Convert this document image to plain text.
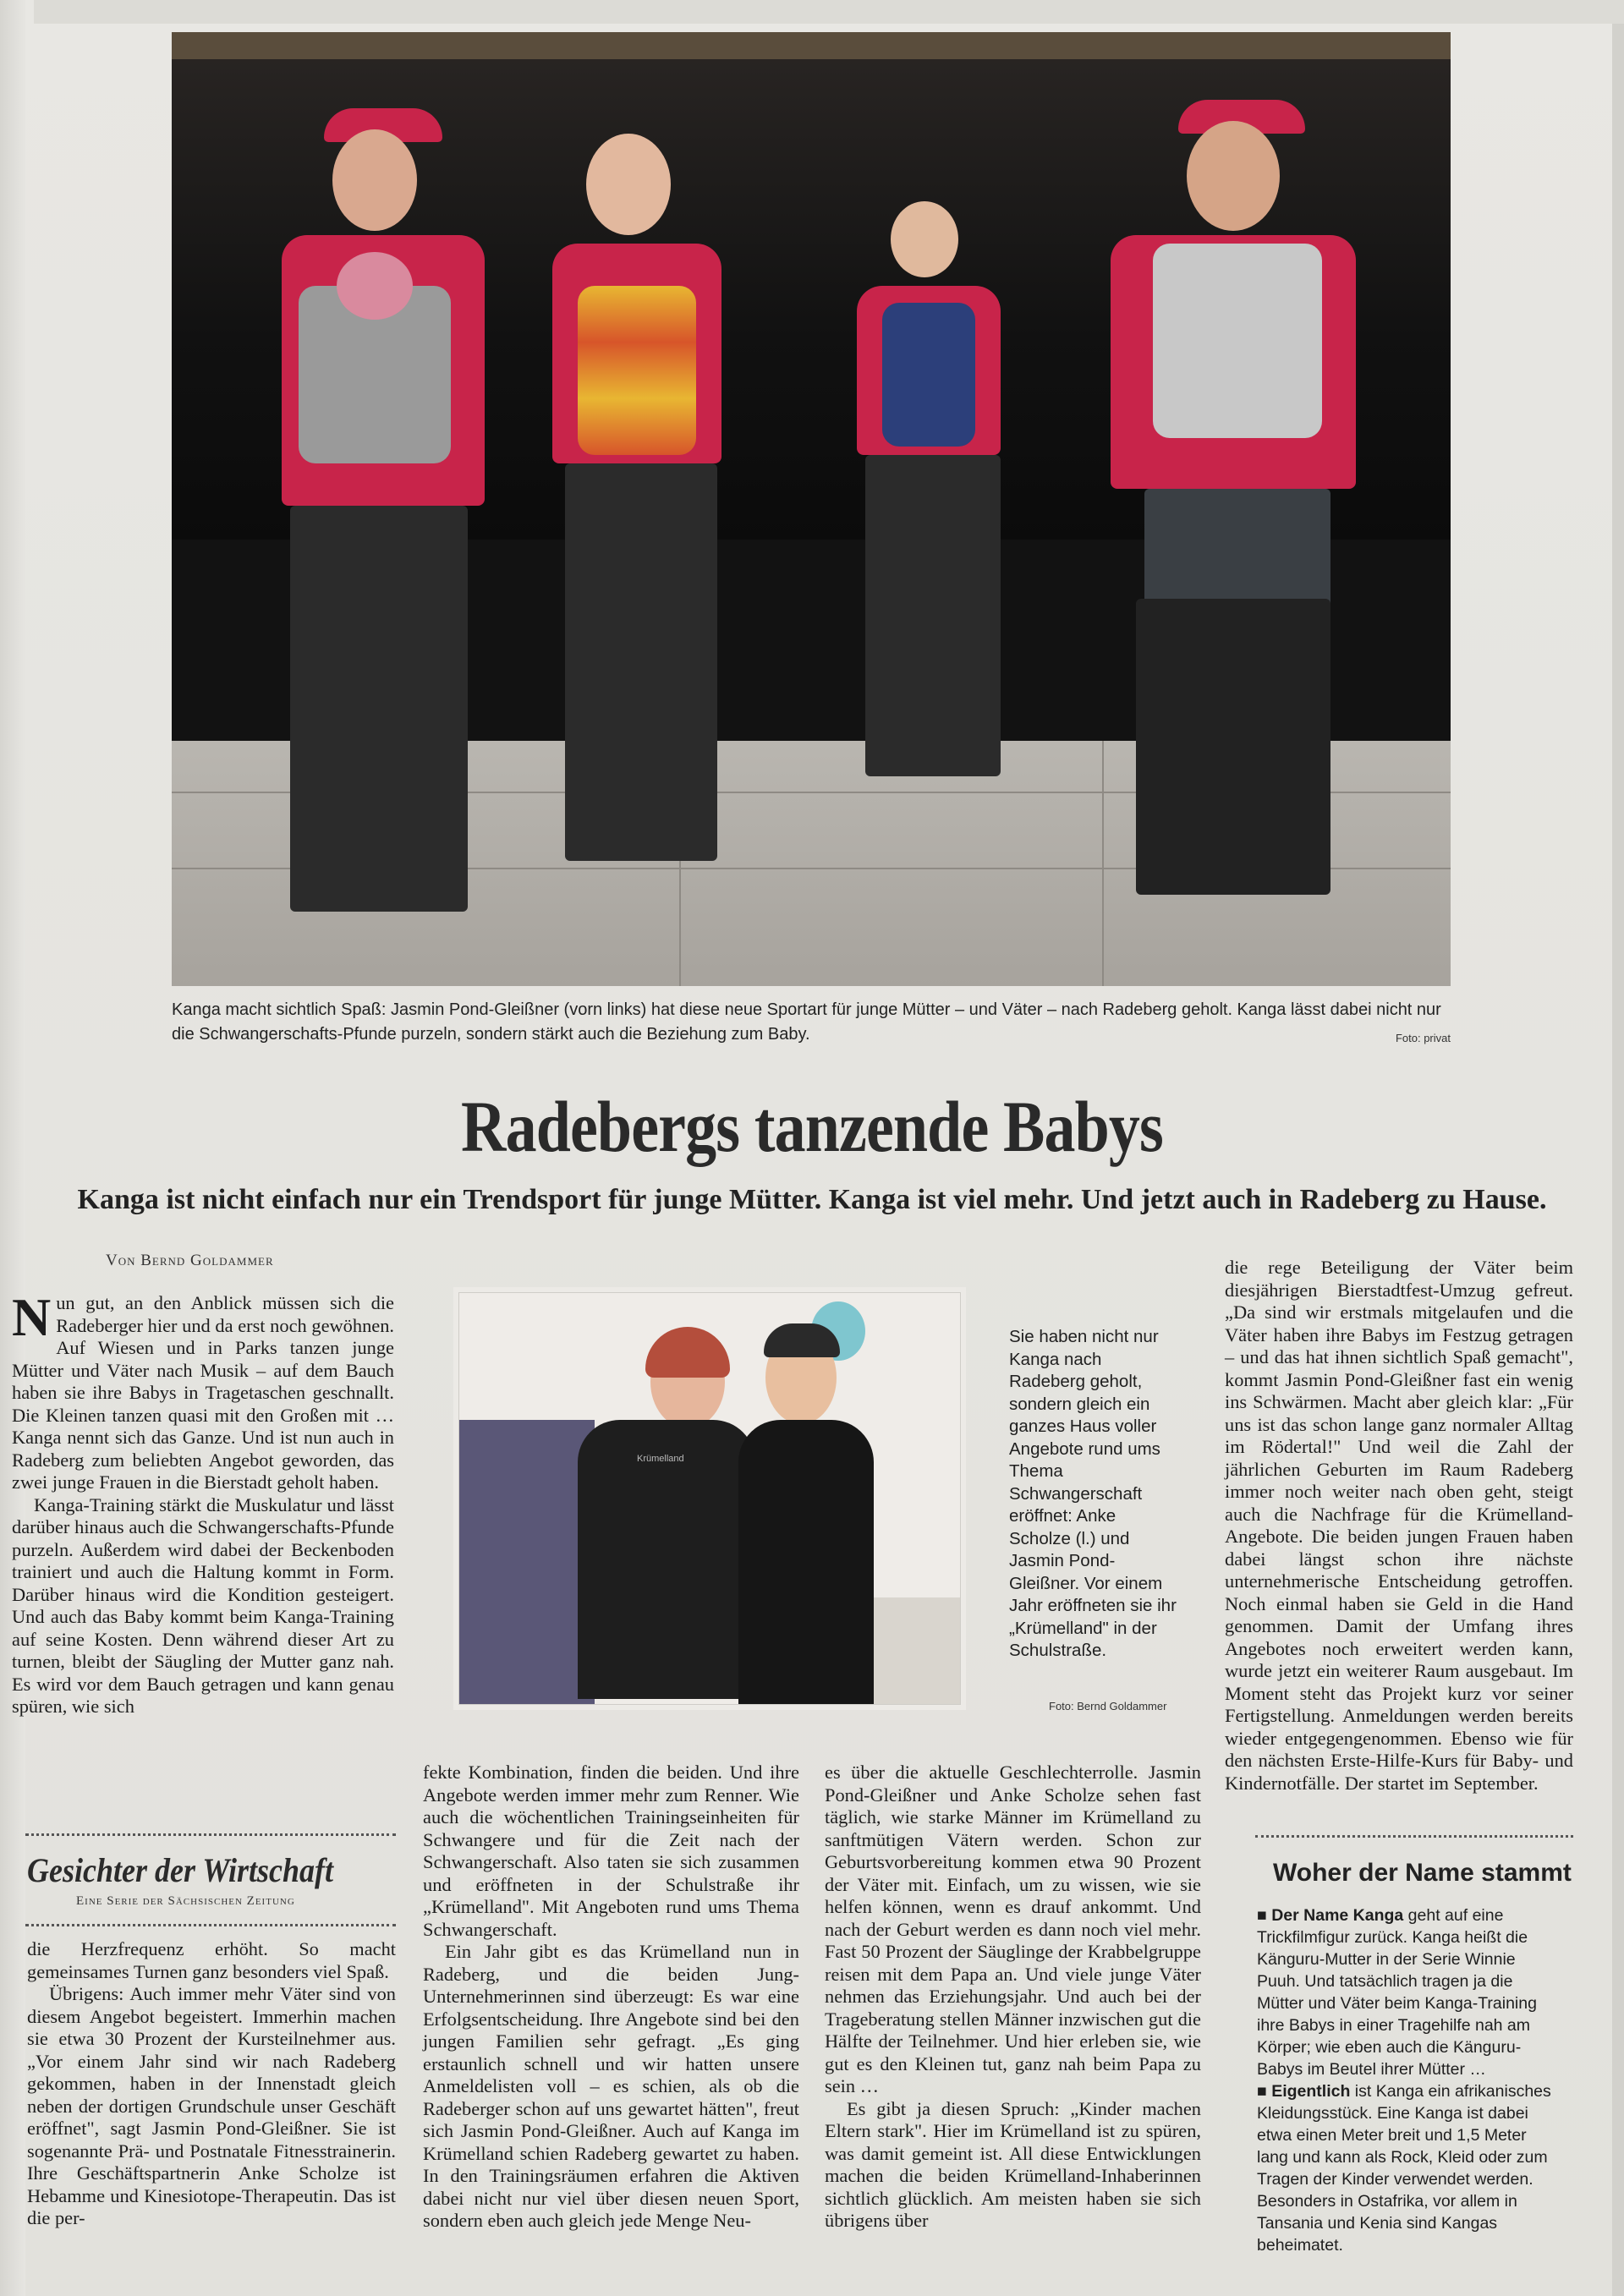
Kanga macht sichtlich Spaß: Jasmin Pond-Gleißner (vorn links) hat diese neue Sportart für junge Mütter – und Väter – nach Radeberg geholt. Kanga lässt dabei nicht nur die Schwangerschafts-Pfunde purzeln, sondern stärkt auch die Beziehung zum Baby.	Foto: privat
Radebergs tanzende Babys
Kanga ist nicht einfach nur ein Trendsport für junge Mütter. Kanga ist viel mehr. Und jetzt auch in Radeberg zu Hause.
Von Bernd Goldammer

Nun gut, an den Anblick müssen sich die Radeberger hier und da erst noch gewöhnen. Auf Wiesen und in Parks tanzen junge Mütter und Väter nach Musik – auf dem Bauch haben sie ihre Babys in Tragetaschen geschnallt. Die Kleinen tanzen quasi mit den Großen mit … Kanga nennt sich das Ganze. Und ist nun auch in Radeberg zum beliebten Angebot geworden, das zwei junge Frauen in die Bierstadt geholt haben.

Kanga-Training stärkt die Muskulatur und lässt darüber hinaus auch die Schwangerschafts-Pfunde purzeln. Außerdem wird dabei der Beckenboden trainiert und auch die Haltung kommt in Form. Darüber hinaus wird die Kondition gesteigert. Und auch das Baby kommt beim Kanga-Training auf seine Kosten. Denn während dieser Art zu turnen, bleibt der Säugling der Mutter ganz nah. Es wird vor dem Bauch getragen und kann genau spüren, wie sich

Gesichter der Wirtschaft
Eine Serie der Sächsischen Zeitung

die Herzfrequenz erhöht. So macht gemeinsames Turnen ganz besonders viel Spaß.

Übrigens: Auch immer mehr Väter sind von diesem Angebot begeistert. Immerhin machen sie etwa 30 Prozent der Kursteilnehmer aus. „Vor einem Jahr sind wir nach Radeberg gekommen, haben in der Innenstadt gleich neben der dortigen Grundschule unser Geschäft eröffnet", sagt Jasmin Pond-Gleißner. Sie ist sogenannte Prä- und Postnatale Fitnesstrainerin. Ihre Geschäftspartnerin Anke Scholze ist Hebamme und Kinesiotope-Therapeutin. Das ist die per-

Krümelland
Sie haben nicht nur Kanga nach Radeberg geholt, sondern gleich ein ganzes Haus voller Angebote rund ums Thema Schwangerschaft eröffnet: Anke Scholze (l.) und Jasmin Pond-Gleißner. Vor einem Jahr eröffneten sie ihr „Krümelland" in der Schulstraße.
Foto: Bernd Goldammer

fekte Kombination, finden die beiden. Und ihre Angebote werden immer mehr zum Renner. Wie auch die wöchentlichen Trainingseinheiten für Schwangere und für die Zeit nach der Schwangerschaft. Also taten sie sich zusammen und eröffneten in der Schulstraße ihr „Krümelland". Mit Angeboten rund ums Thema Schwangerschaft.

Ein Jahr gibt es das Krümelland nun in Radeberg, und die beiden Jung-Unternehmerinnen sind überzeugt: Es war eine Erfolgsentscheidung. Ihre Angebote sind bei den jungen Familien sehr gefragt. „Es ging erstaunlich schnell und wir hatten unsere Anmeldelisten voll – es schien, als ob die Radeberger schon auf uns gewartet hätten", freut sich Jasmin Pond-Gleißner. Auch auf Kanga im Krümelland schien Radeberg gewartet zu haben. In den Trainingsräumen erfahren die Aktiven dabei nicht nur viel über diesen neuen Sport, sondern eben auch gleich jede Menge Neu-

es über die aktuelle Geschlechterrolle. Jasmin Pond-Gleißner und Anke Scholze sehen fast täglich, wie starke Männer im Krümelland zu sanftmütigen Vätern werden. Schon zur Geburtsvorbereitung kommen etwa 90 Prozent der Väter mit. Einfach, um zu wissen, wie sie helfen können, wenn es drauf ankommt. Und nach der Geburt werden es dann noch viel mehr. Fast 50 Prozent der Säuglinge der Krabbelgruppe reisen mit dem Papa an. Und viele junge Väter nehmen das Erziehungsjahr. Und auch bei der Trageberatung stellen Männer inzwischen gut die Hälfte der Teilnehmer. Und hier erleben sie, wie gut es den Kleinen tut, ganz nah beim Papa zu sein …

Es gibt ja diesen Spruch: „Kinder machen Eltern stark". Hier im Krümelland ist zu spüren, was damit gemeint ist. All diese Entwicklungen machen die beiden Krümelland-Inhaberinnen sichtlich glücklich. Am meisten haben sie sich übrigens über

die rege Beteiligung der Väter beim diesjährigen Bierstadtfest-Umzug gefreut. „Da sind wir erstmals mitgelaufen und die Väter haben ihre Babys im Festzug getragen – und das hat ihnen sichtlich Spaß gemacht", kommt Jasmin Pond-Gleißner fast ein wenig ins Schwärmen. Macht aber gleich klar: „Für uns ist das schon lange ganz normaler Alltag im Rödertal!" Und weil die Zahl der jährlichen Geburten im Raum Radeberg immer noch weiter nach oben geht, steigt auch die Nachfrage für die Krümelland-Angebote. Die beiden jungen Frauen haben dabei längst schon ihre nächste unternehmerische Entscheidung getroffen. Noch einmal haben sie Geld in die Hand genommen. Damit der Umfang ihres Angebotes noch erweitert werden kann, wurde jetzt ein weiterer Raum ausgebaut. Im Moment steht das Projekt kurz vor seiner Fertigstellung. Anmeldungen werden bereits wieder entgegengenommen. Ebenso wie für den nächsten Erste-Hilfe-Kurs für Baby- und Kindernotfälle. Der startet im September.

Woher der Name stammt

■ Der Name Kanga geht auf eine Trickfilmfigur zurück. Kanga heißt die Känguru-Mutter in der Serie Winnie Puuh. Und tatsächlich tragen ja die Mütter und Väter beim Kanga-Training ihre Babys in einer Tragehilfe nah am Körper; wie eben auch die Känguru-Babys im Beutel ihrer Mütter …

■ Eigentlich ist Kanga ein afrikanisches Kleidungsstück. Eine Kanga ist dabei etwa einen Meter breit und 1,5 Meter lang und kann als Rock, Kleid oder zum Tragen der Kinder verwendet werden. Besonders in Ostafrika, vor allem in Tansania und Kenia sind Kangas beheimatet.
